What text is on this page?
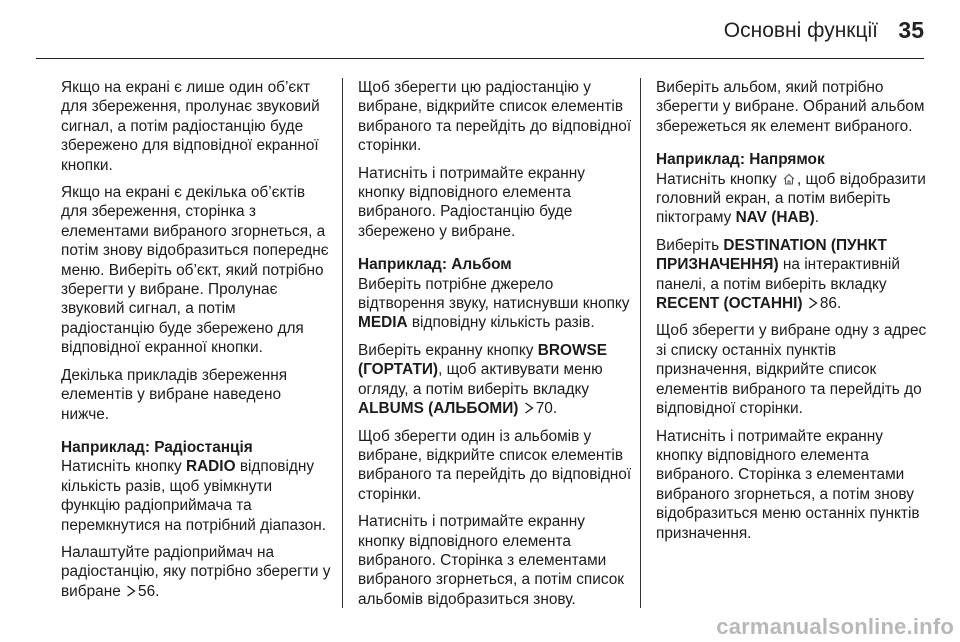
Основні функції 35

Якщо на екрані є лише один об’єкт для збереження, пролунає звуковий сигнал, а потім радіостанцію буде збережено для відповідної екранної кнопки.

Якщо на екрані є декілька об’єктів для збереження, сторінка з елементами вибраного згорнеться, а потім знову відобразиться попереднє меню. Виберіть об’єкт, який потрібно зберегти у вибране. Пролунає звуковий сигнал, а потім радіостанцію буде збережено для відповідної екранної кнопки.

Декілька прикладів збереження елементів у вибране наведено нижче.

Наприклад: Радіостанція

Натисніть кнопку RADIO відповідну кількість разів, щоб увімкнути функцію радіоприймача та перемкнутися на потрібний діапазон.

Налаштуйте радіоприймач на радіостанцію, яку потрібно зберегти у вибране
56.

Щоб зберегти цю радіостанцію у вибране, відкрийте список елементів вибраного та перейдіть до відповідної сторінки.

Натисніть і потримайте екранну кнопку відповідного елемента вибраного. Радіостанцію буде збережено у вибране.

Наприклад: Альбом

Виберіть потрібне джерело відтворення звуку, натиснувши кнопку MEDIA відповідну кількість разів.

Виберіть екранну кнопку BROWSE (ГОРТАТИ), щоб активувати меню огляду, а потім виберіть вкладку ALBUMS (АЛЬБОМИ) 70.

Щоб зберегти один із альбомів у вибране, відкрийте список елементів вибраного та перейдіть до відповідної сторінки.

Натисніть і потримайте екранну кнопку відповідного елемента вибраного. Сторінка з елементами вибраного згорнеться, а потім список альбомів відобразиться знову.

Виберіть альбом, який потрібно зберегти у вибране. Обраний альбом збережеться як елемент вибраного.

Наприклад: Напрямок

Натисніть кнопку
, щоб відобразити головний екран, а потім виберіть піктограму NAV (НАВ).

Виберіть DESTINATION (ПУНКТ ПРИЗНАЧЕННЯ) на інтерактивній панелі, а потім виберіть вкладку RECENT (ОСТАННІ) 86.

Щоб зберегти у вибране одну з адрес зі списку останніх пунктів призначення, відкрийте список елементів вибраного та перейдіть до відповідної сторінки.

Натисніть і потримайте екранну кнопку відповідного елемента вибраного. Сторінка з елементами вибраного згорнеться, а потім знову відобразиться меню останніх пунктів призначення.

carmanualsonline.info
